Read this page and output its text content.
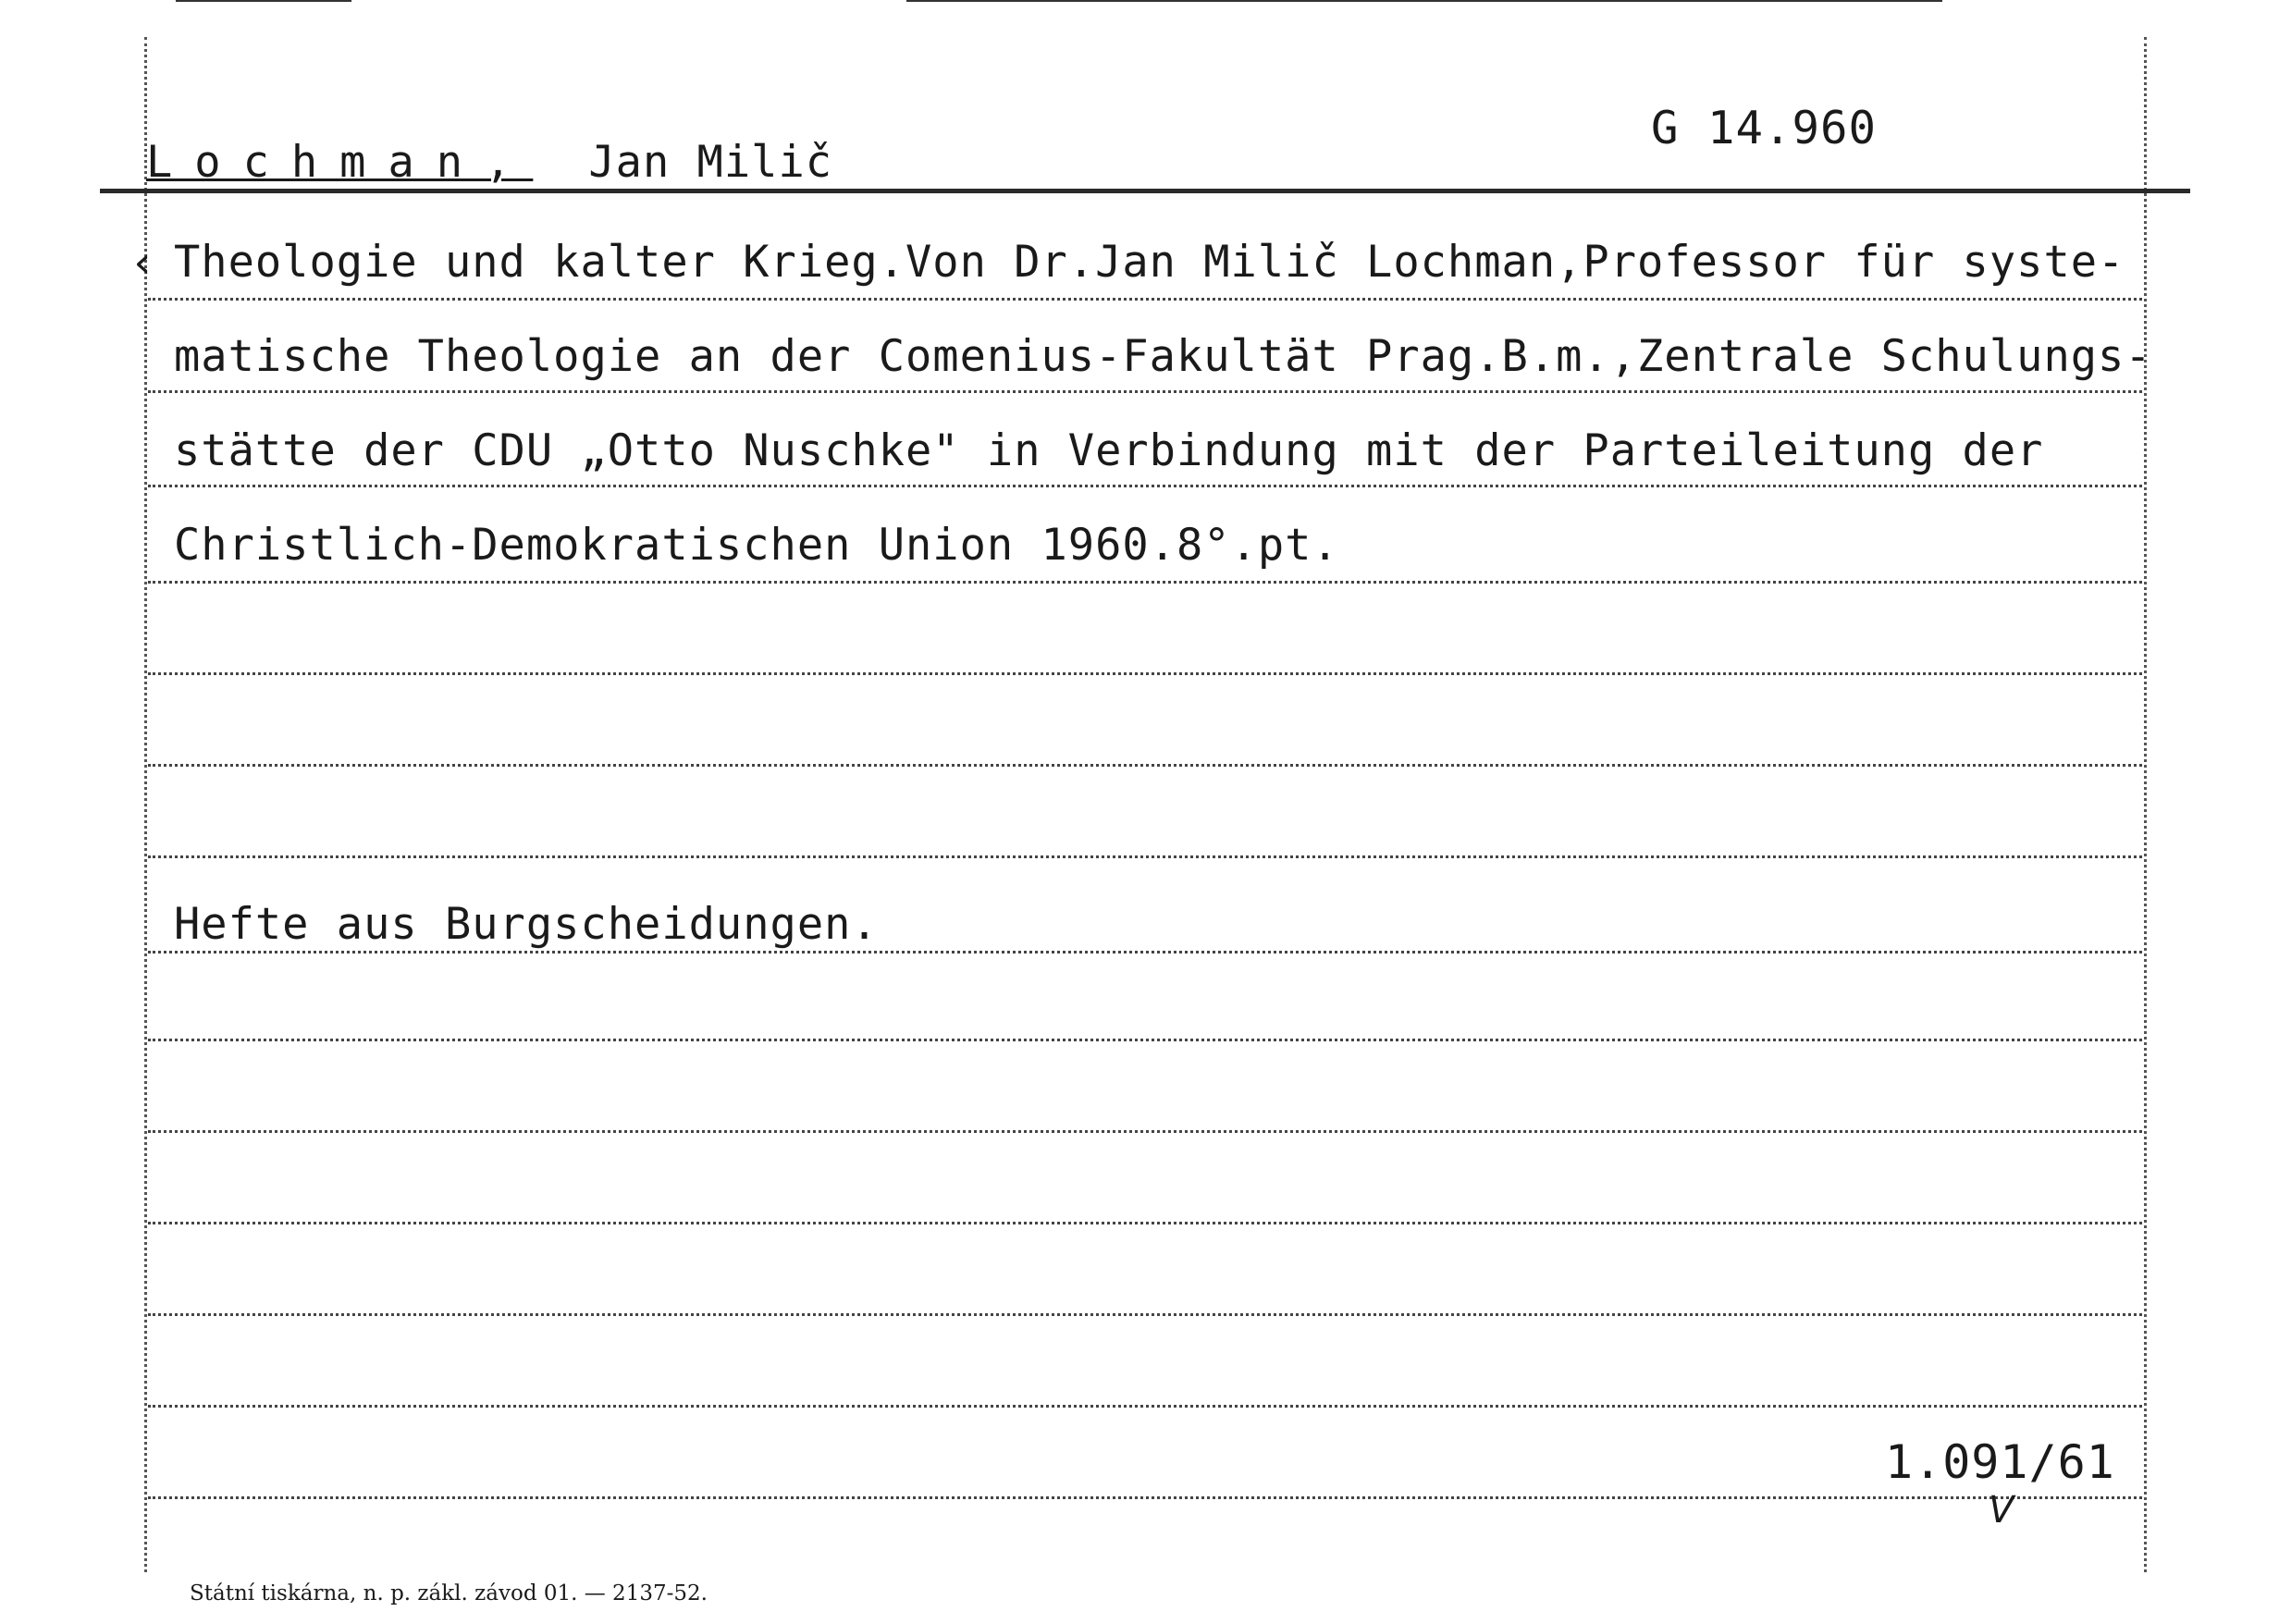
Lochman, Jan Milič
G 14.960
‹ Theologie und kalter Krieg.Von Dr.Jan Milič Lochman,Professor für syste-
matische Theologie an der Comenius-Fakultät Prag.B.m.,Zentrale Schulungs-
stätte der CDU „Otto Nuschke" in Verbindung mit der Parteileitung der
Christlich-Demokratischen Union 1960.8°.pt.
Hefte aus Burgscheidungen.
1.091/61
V
Státní tiskárna, n. p. zákl. závod 01. — 2137-52.
